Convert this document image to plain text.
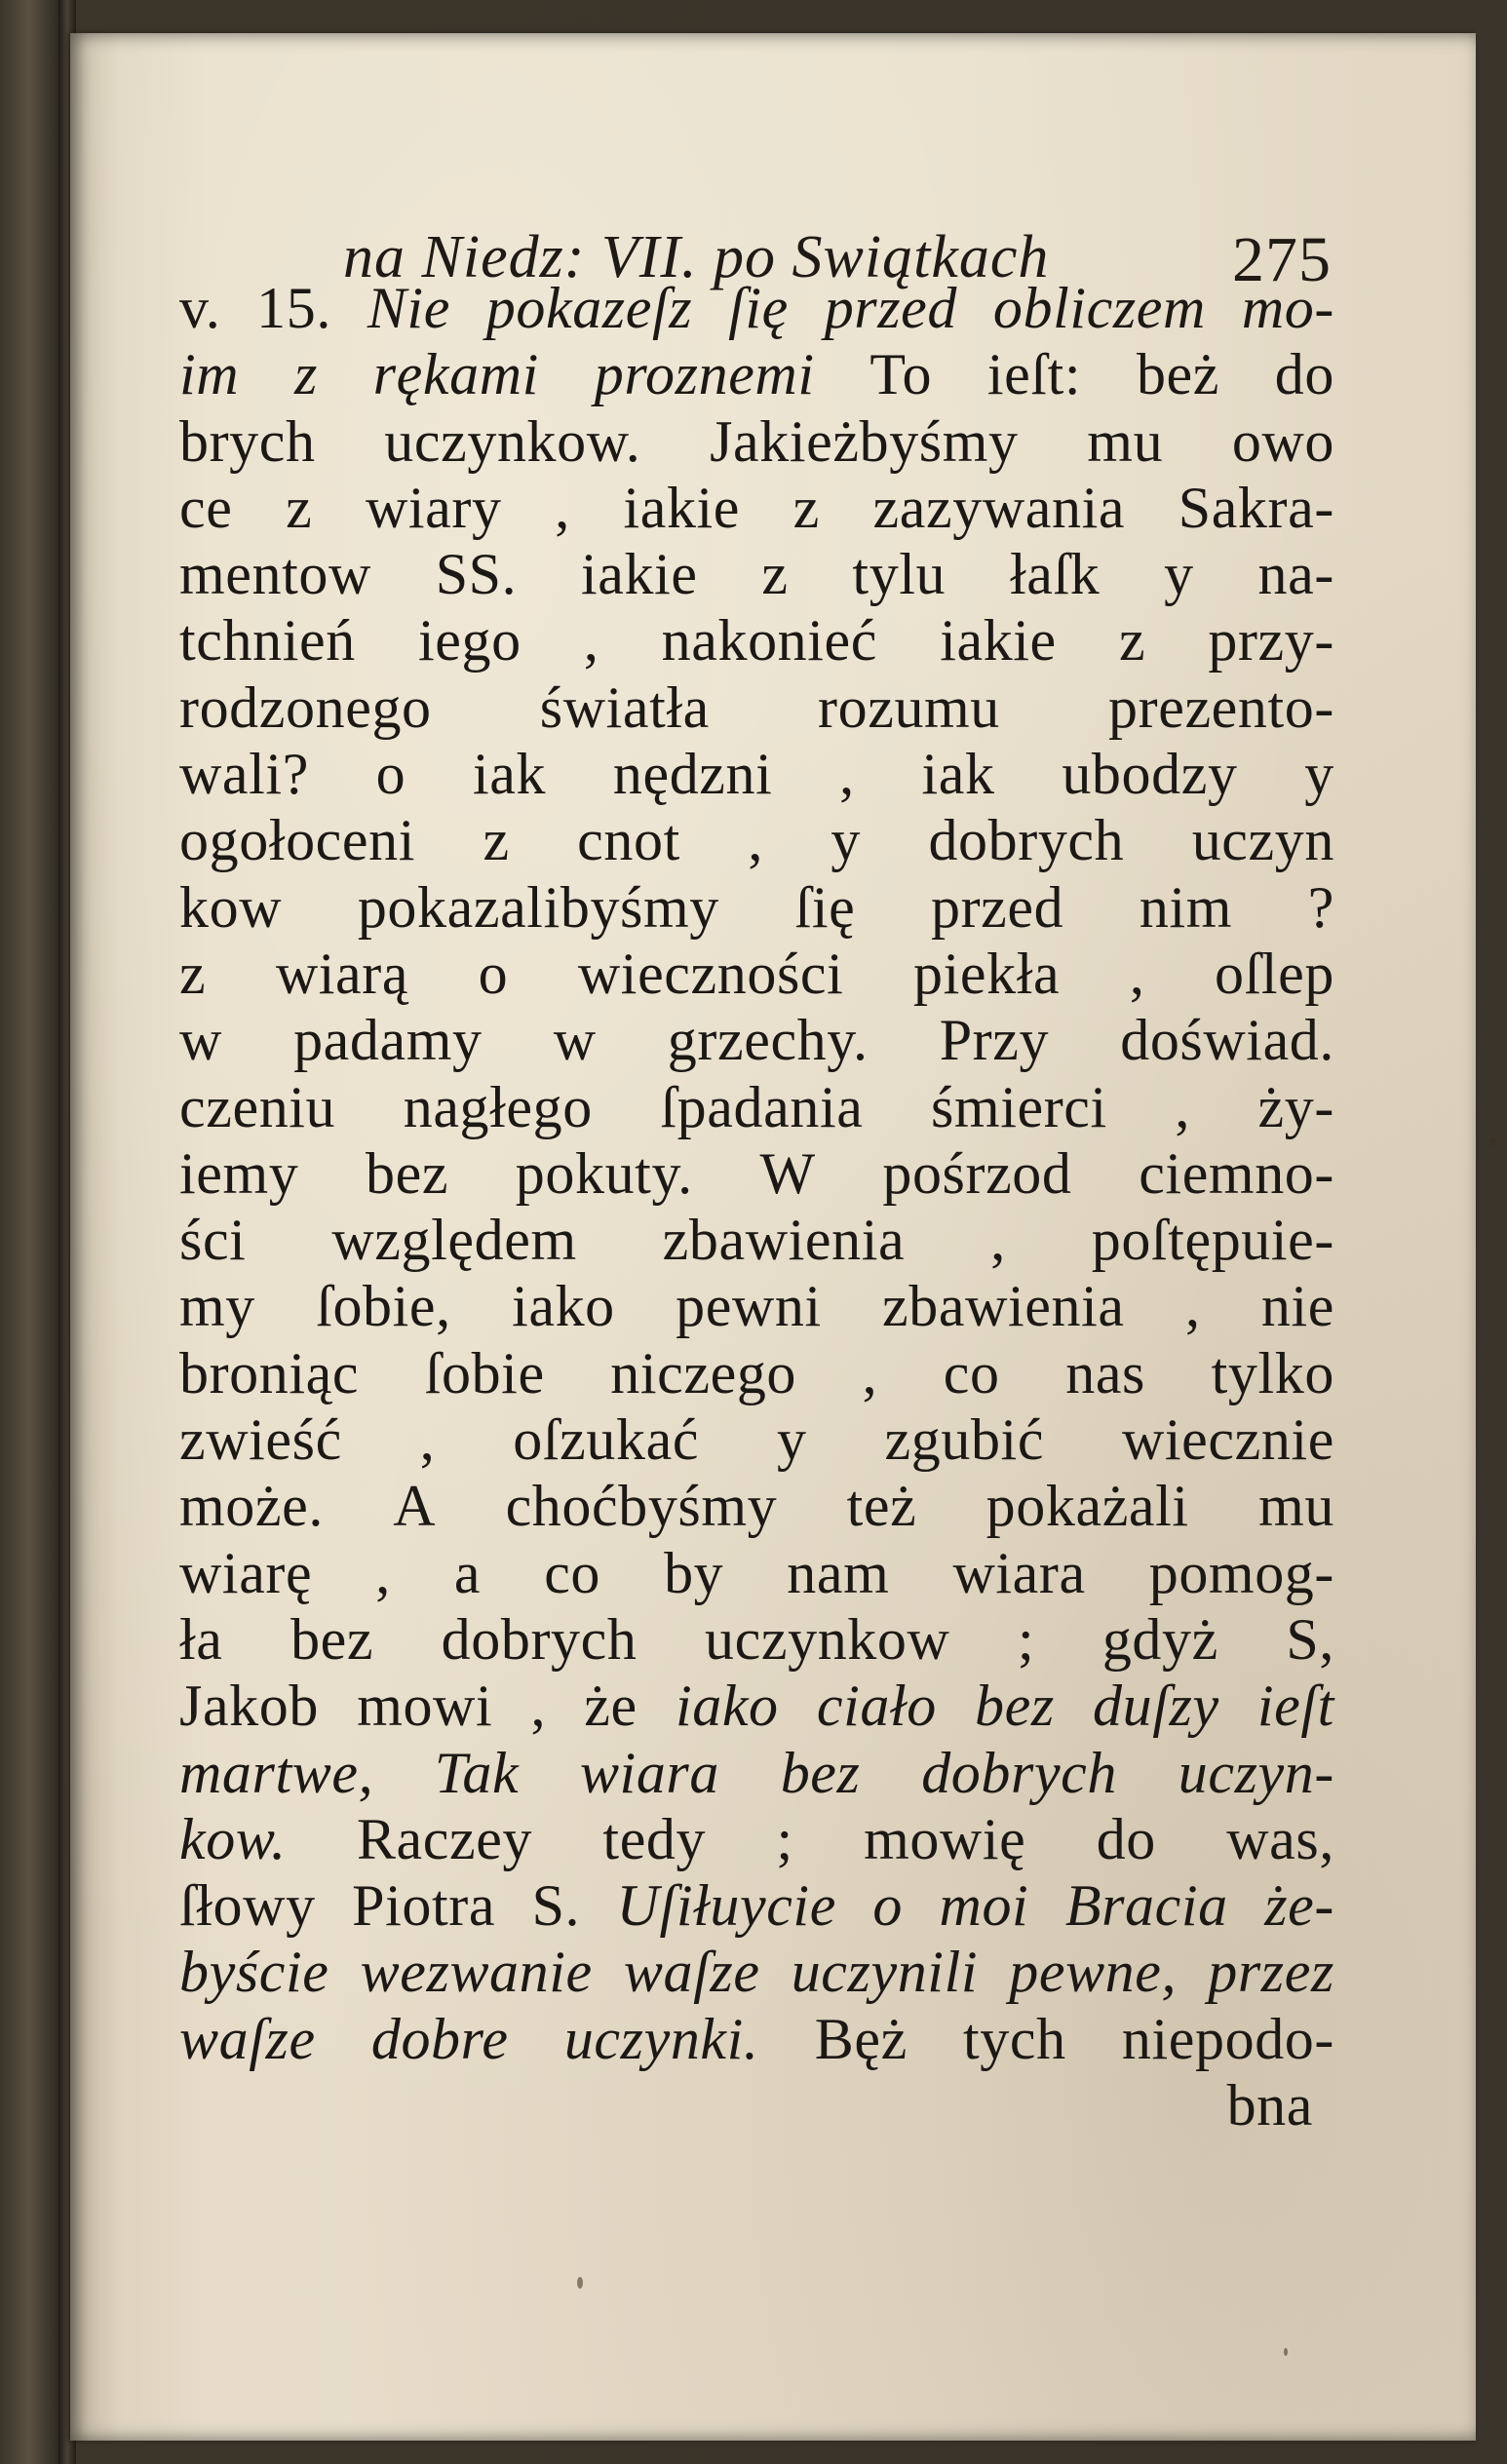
na Niedz: VII. po Swiątkach	275
v. 15. Nie pokazeſz ſię przed obliczem mo-
im z rękami proznemi To ieſt: beż do
brych uczynkow. Jakieżbyśmy mu owo
ce z wiary , iakie z zazywania Sakra-
mentow SS. iakie z tylu łaſk y na-
tchnień iego , nakonieć iakie z przy-
rodzonego światła rozumu prezento-
wali? o iak nędzni , iak ubodzy y
ogołoceni z cnot , y dobrych uczyn
kow pokazalibyśmy ſię przed nim ?
z wiarą o wieczności piekła , oſlep
w padamy w grzechy. Przy doświad.
czeniu nagłego ſpadania śmierci , ży-
iemy bez pokuty. W pośrzod ciemno-
ści względem zbawienia , poſtępuie-
my ſobie, iako pewni zbawienia , nie
broniąc ſobie niczego , co nas tylko
zwieść , oſzukać y zgubić wiecznie
może. A choćbyśmy też pokażali mu
wiarę , a co by nam wiara pomog-
ła bez dobrych uczynkow ; gdyż S,
Jakob mowi , że iako ciało bez duſzy ieſt
martwe, Tak wiara bez dobrych uczyn-
kow. Raczey tedy ; mowię do was,
ſłowy Piotra S. Uſiłuycie o moi Bracia że-
byście wezwanie waſze uczynili pewne, przez
waſze dobre uczynki. Bęż tych niepodo-
bna
